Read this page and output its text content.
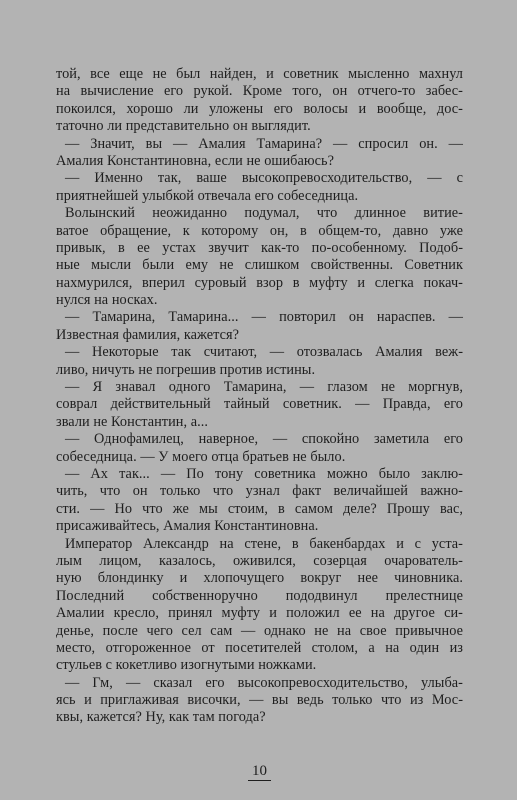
той, все еще не был найден, и советник мысленно махнул
на вычисление его рукой. Кроме того, он отчего-то забес-
покоился, хорошо ли уложены его волосы и вообще, дос-
таточно ли представительно он выглядит.
— Значит, вы — Амалия Тамарина? — спросил он. —
Амалия Константиновна, если не ошибаюсь?
— Именно так, ваше высокопревосходительство, — с
приятнейшей улыбкой отвечала его собеседница.
Волынский неожиданно подумал, что длинное витие-
ватое обращение, к которому он, в общем-то, давно уже
привык, в ее устах звучит как-то по-особенному. Подоб-
ные мысли были ему не слишком свойственны. Советник
нахмурился, вперил суровый взор в муфту и слегка покач-
нулся на носках.
— Тамарина, Тамарина... — повторил он нараспев. —
Известная фамилия, кажется?
— Некоторые так считают, — отозвалась Амалия веж-
ливо, ничуть не погрешив против истины.
— Я знавал одного Тамарина, — глазом не моргнув,
соврал действительный тайный советник. — Правда, его
звали не Константин, а...
— Однофамилец, наверное, — спокойно заметила его
собеседница. — У моего отца братьев не было.
— Ах так... — По тону советника можно было заклю-
чить, что он только что узнал факт величайшей важно-
сти. — Но что же мы стоим, в самом деле? Прошу вас,
присаживайтесь, Амалия Константиновна.
Император Александр на стене, в бакенбардах и с уста-
лым лицом, казалось, оживился, созерцая очарователь-
ную блондинку и хлопочущего вокруг нее чиновника.
Последний собственноручно пододвинул прелестнице
Амалии кресло, принял муфту и положил ее на другое си-
денье, после чего сел сам — однако не на свое привычное
место, отгороженное от посетителей столом, а на один из
стульев с кокетливо изогнутыми ножками.
— Гм, — сказал его высокопревосходительство, улыба-
ясь и приглаживая височки, — вы ведь только что из Мос-
квы, кажется? Ну, как там погода?
10
